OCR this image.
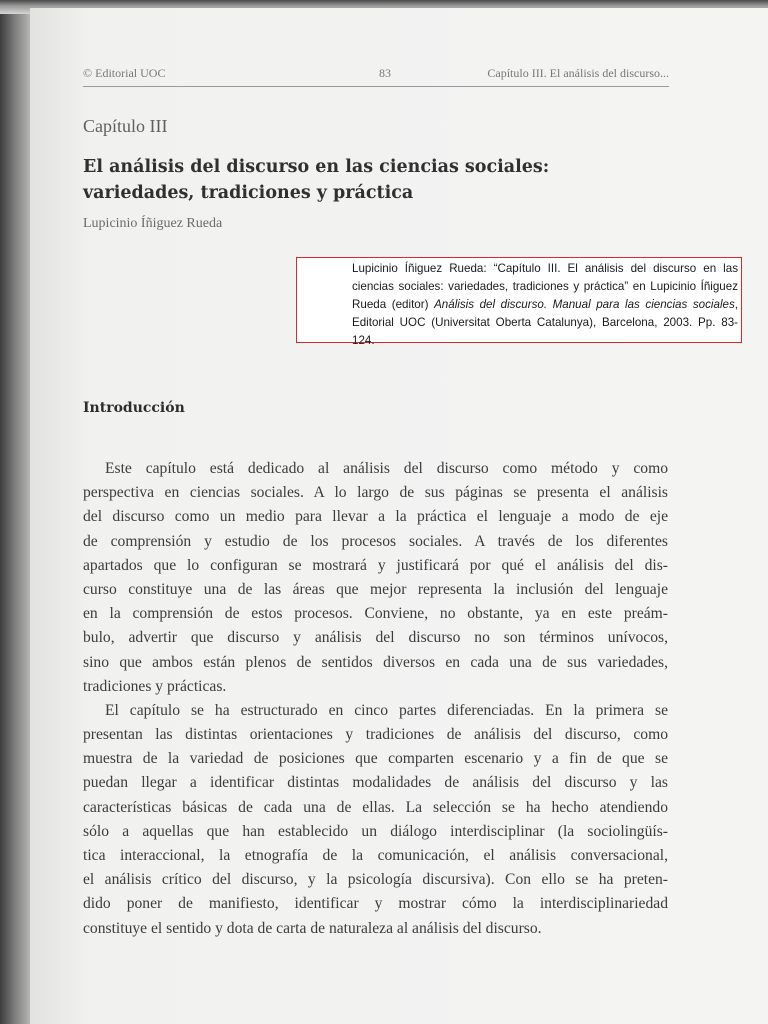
© Editorial UOC	83	Capítulo III. El análisis del discurso...
Capítulo III
El análisis del discurso en las ciencias sociales:
variedades, tradiciones y práctica
Lupicinio Íñiguez Rueda
Lupicinio Íñiguez Rueda: “Capítulo III. El análisis del discurso en las ciencias sociales: variedades, tradiciones y práctica” en Lupicinio Íñiguez Rueda (editor) Análisis del discurso. Manual para las ciencias sociales, Editorial UOC (Universitat Oberta Catalunya), Barcelona, 2003. Pp. 83-124.
Introducción
Este capítulo está dedicado al análisis del discurso como método y como
perspectiva en ciencias sociales. A lo largo de sus páginas se presenta el análisis
del discurso como un medio para llevar a la práctica el lenguaje a modo de eje
de comprensión y estudio de los procesos sociales. A través de los diferentes
apartados que lo configuran se mostrará y justificará por qué el análisis del dis-
curso constituye una de las áreas que mejor representa la inclusión del lenguaje
en la comprensión de estos procesos. Conviene, no obstante, ya en este preám-
bulo, advertir que discurso y análisis del discurso no son términos unívocos,
sino que ambos están plenos de sentidos diversos en cada una de sus variedades,
tradiciones y prácticas.
El capítulo se ha estructurado en cinco partes diferenciadas. En la primera se
presentan las distintas orientaciones y tradiciones de análisis del discurso, como
muestra de la variedad de posiciones que comparten escenario y a fin de que se
puedan llegar a identificar distintas modalidades de análisis del discurso y las
características básicas de cada una de ellas. La selección se ha hecho atendiendo
sólo a aquellas que han establecido un diálogo interdisciplinar (la sociolingüís-
tica interaccional, la etnografía de la comunicación, el análisis conversacional,
el análisis crítico del discurso, y la psicología discursiva). Con ello se ha preten-
dido poner de manifiesto, identificar y mostrar cómo la interdisciplinariedad
constituye el sentido y dota de carta de naturaleza al análisis del discurso.
